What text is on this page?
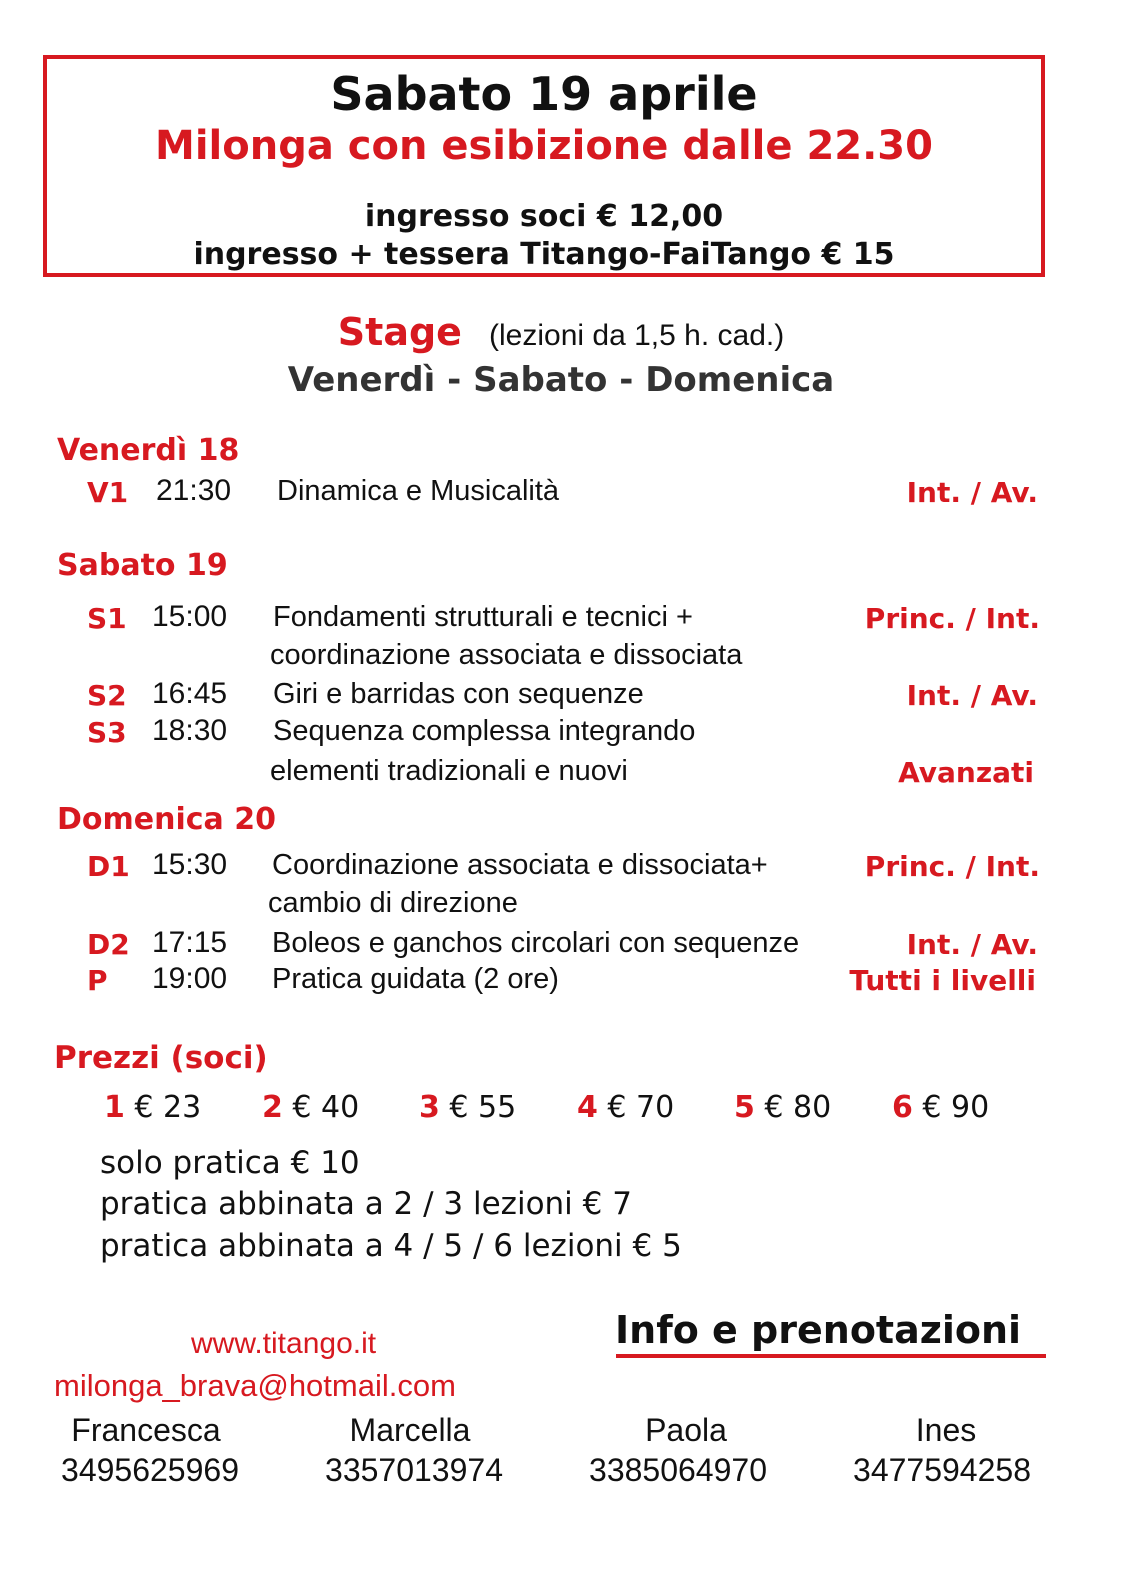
Sabato 19 aprile
Milonga con esibizione dalle 22.30
ingresso soci € 12,00
ingresso + tessera Titango-FaiTango € 15
Stage (lezioni da 1,5 h. cad.)
Venerdì - Sabato - Domenica
Venerdì 18
V1 21:30 Dinamica e Musicalità	Int. / Av.
Sabato 19
S1 15:00 Fondamenti strutturali e tecnici +
coordinazione associata e dissociata
Princ. / Int.
S2 16:45 Giri e barridas con sequenze	Int. / Av.
S3 18:30 Sequenza complessa integrando
elementi tradizionali e nuovi	Avanzati
Domenica 20
D1 15:30 Coordinazione associata e dissociata+
cambio di direzione
Princ. / Int.
D2 17:15 Boleos e ganchos circolari con sequenze	Int. / Av.
P 19:00 Pratica guidata (2 ore)	Tutti i livelli
Prezzi (soci)
1 € 23 2 € 40 3 € 55 4 € 70 5 € 80 6 € 90
solo pratica € 10
pratica abbinata a 2 / 3 lezioni € 7
pratica abbinata a 4 / 5 / 6 lezioni € 5
Info e prenotazioni
www.titango.it
milonga_brava@hotmail.com
Francesca
3495625969
Marcella
3357013974
Paola
3385064970
Ines
3477594258
